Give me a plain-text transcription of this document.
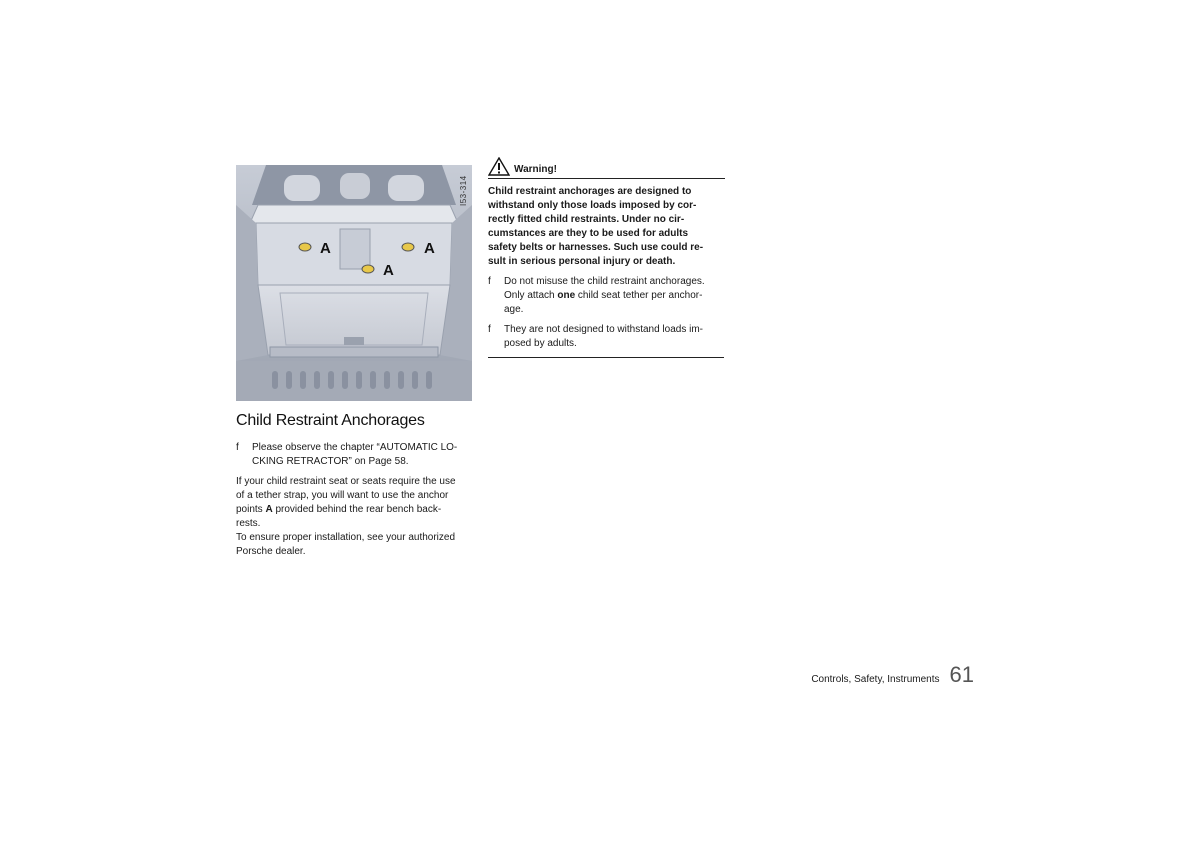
A	A
A
I53-314
Child Restraint Anchorages
f	Please observe the chapter “AUTOMATIC LO-
CKING RETRACTOR” on Page 58.

If your child restraint seat or seats require the use
of a tether strap, you will want to use the anchor
points A provided behind the rear bench back-
rests.
To ensure proper installation, see your authorized
Porsche dealer.

Warning!

Child restraint anchorages are designed to
withstand only those loads imposed by cor-
rectly fitted child restraints. Under no cir-
cumstances are they to be used for adults
safety belts or harnesses. Such use could re-
sult in serious personal injury or death.

f	Do not misuse the child restraint anchorages.
Only attach one child seat tether per anchor-
age.
f	They are not designed to withstand loads im-
posed by adults.
Controls, Safety, Instruments 61
